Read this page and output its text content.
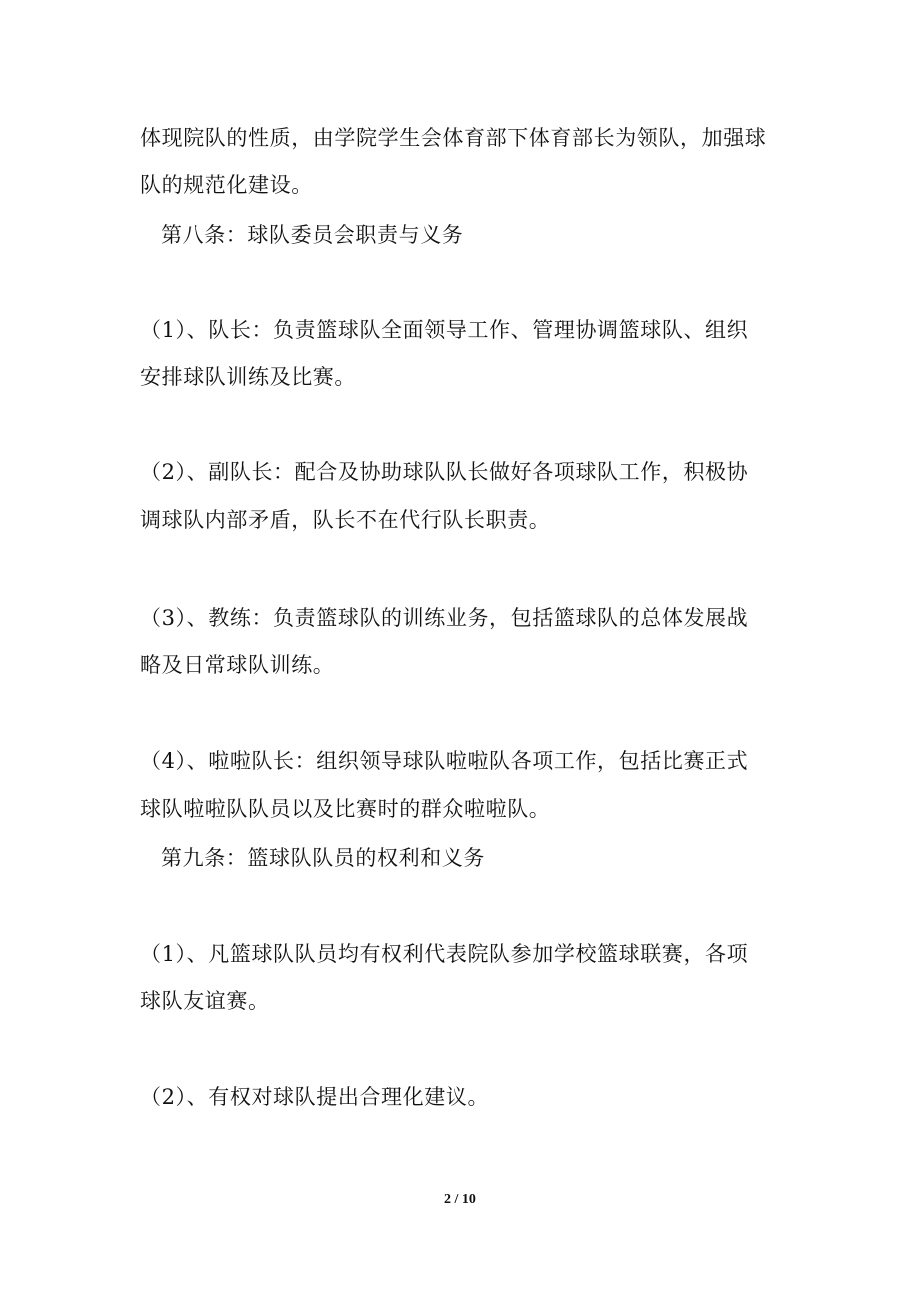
体现院队的性质，由学院学生会体育部下体育部长为领队，加强球
队的规范化建设。
第八条：球队委员会职责与义务
（1）、队长：负责篮球队全面领导工作、管理协调篮球队、组织
安排球队训练及比赛。
（2）、副队长：配合及协助球队队长做好各项球队工作，积极协
调球队内部矛盾，队长不在代行队长职责。
（3）、教练：负责篮球队的训练业务，包括篮球队的总体发展战
略及日常球队训练。
（4）、啦啦队长：组织领导球队啦啦队各项工作，包括比赛正式
球队啦啦队队员以及比赛时的群众啦啦队。
第九条：篮球队队员的权利和义务
（1）、凡篮球队队员均有权利代表院队参加学校篮球联赛，各项
球队友谊赛。
（2）、有权对球队提出合理化建议。
2 / 10
